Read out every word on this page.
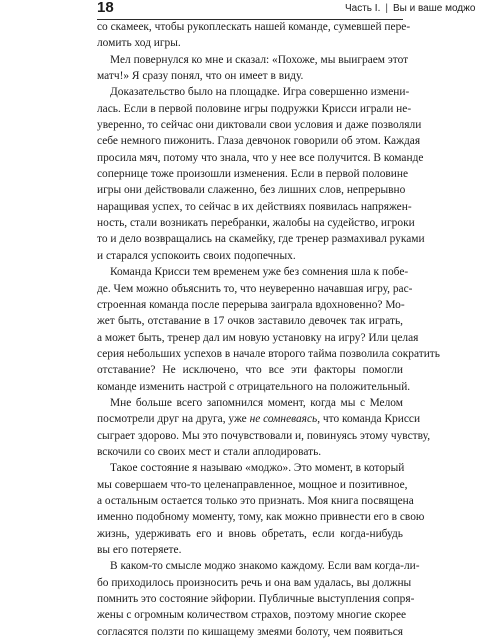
18	Часть I. | Вы и ваше моджо
со скамеек, чтобы рукоплескать нашей команде, сумевшей пере-
ломить ход игры.
Мел повернулся ко мне и сказал: «Похоже, мы выиграем этот
матч!» Я сразу понял, что он имеет в виду.
Доказательство было на площадке. Игра совершенно измени-
лась. Если в первой половине игры подружки Крисси играли не-
уверенно, то сейчас они диктовали свои условия и даже позволяли
себе немного пижонить. Глаза девчонок говорили об этом. Каждая
просила мяч, потому что знала, что у нее все получится. В команде
сопернице тоже произошли изменения. Если в первой половине
игры они действовали слаженно, без лишних слов, непрерывно
наращивая успех, то сейчас в их действиях появилась напряжен-
ность, стали возникать перебранки, жалобы на судейство, игроки
то и дело возвращались на скамейку, где тренер размахивал руками
и старался успокоить своих подопечных.
Команда Крисси тем временем уже без сомнения шла к побе-
де. Чем можно объяснить то, что неуверенно начавшая игру, рас-
строенная команда после перерыва заиграла вдохновенно? Мо-
жет быть, отставание в 17 очков заставило девочек так играть,
а может быть, тренер дал им новую установку на игру? Или целая
серия небольших успехов в начале второго тайма позволила сократить
отставание? Не исключено, что все эти факторы помогли
команде изменить настрой с отрицательного на положительный.
Мне больше всего запомнился момент, когда мы с Мелом
посмотрели друг на друга, уже не сомневаясь, что команда Крисси
сыграет здорово. Мы это почувствовали и, повинуясь этому чувству,
вскочили со своих мест и стали аплодировать.
Такое состояние я называю «моджо». Это момент, в который
мы совершаем что-то целенаправленное, мощное и позитивное,
а остальным остается только это признать. Моя книга посвящена
именно подобному моменту, тому, как можно привнести его в свою
жизнь, удерживать его и вновь обретать, если когда-нибудь
вы его потеряете.
В каком-то смысле моджо знакомо каждому. Если вам когда-ли-
бо приходилось произносить речь и она вам удалась, вы должны
помнить это состояние эйфории. Публичные выступления сопря-
жены с огромным количеством страхов, поэтому многие скорее
согласятся ползти по кишащему змеями болоту, чем появиться
